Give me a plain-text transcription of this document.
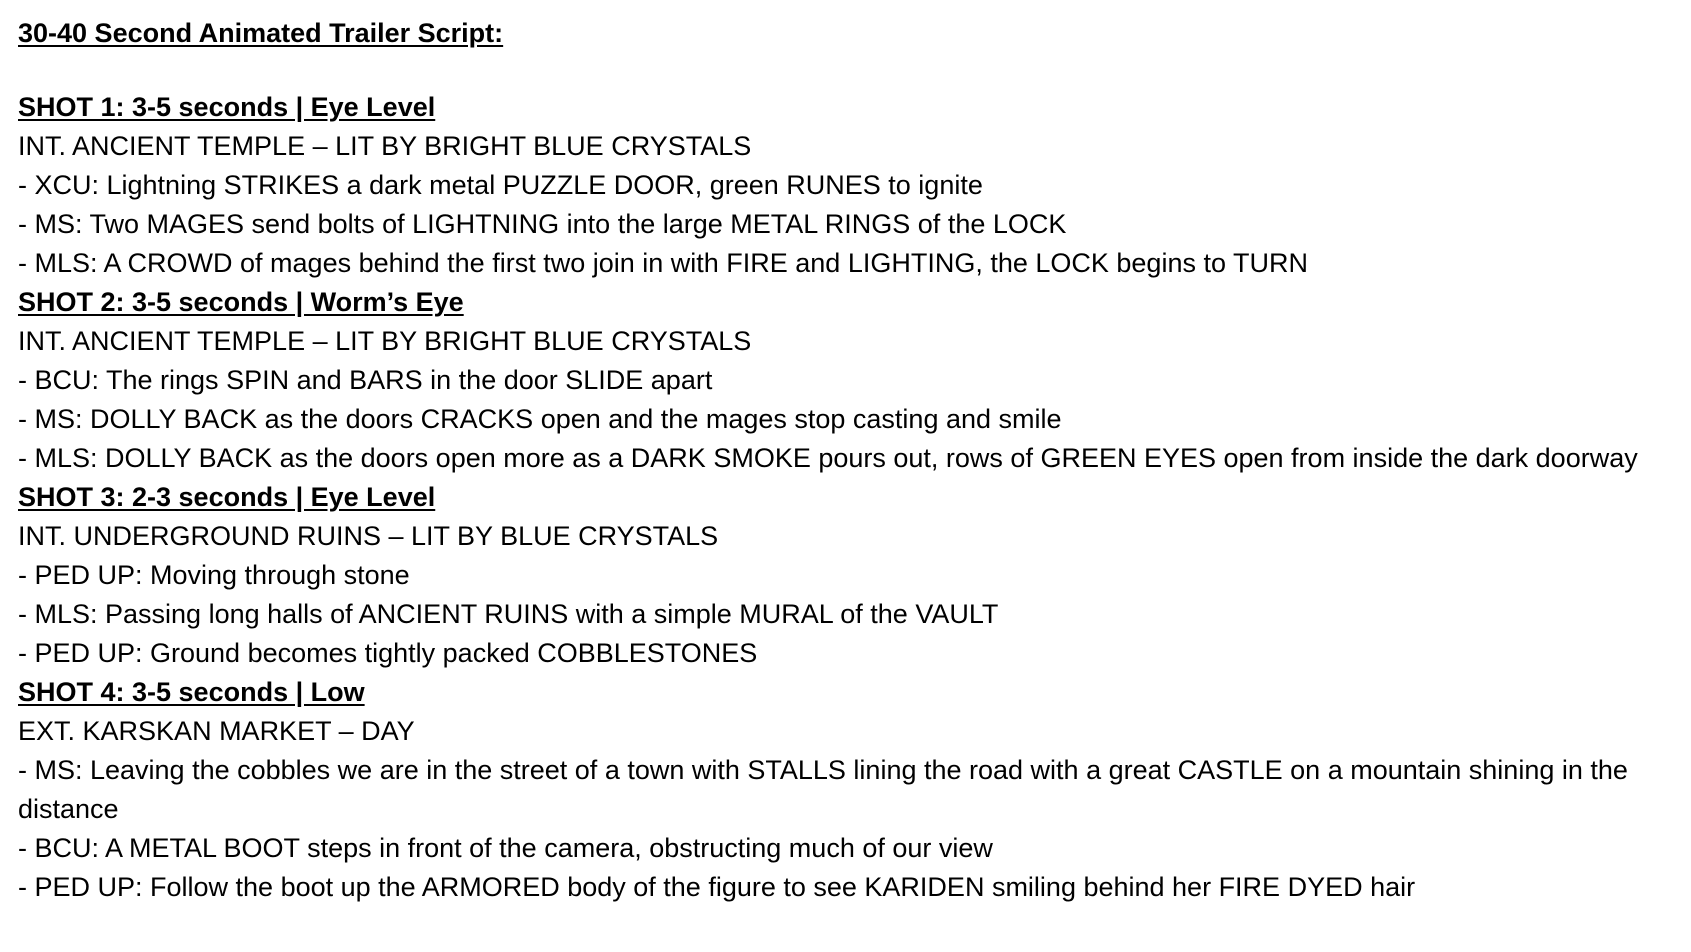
30-40 Second Animated Trailer Script:

SHOT 1: 3-5 seconds | Eye Level

INT. ANCIENT TEMPLE – LIT BY BRIGHT BLUE CRYSTALS

- XCU: Lightning STRIKES a dark metal PUZZLE DOOR, green RUNES to ignite

- MS: Two MAGES send bolts of LIGHTNING into the large METAL RINGS of the LOCK

- MLS: A CROWD of mages behind the first two join in with FIRE and LIGHTING, the LOCK begins to TURN

SHOT 2: 3-5 seconds | Worm’s Eye

INT. ANCIENT TEMPLE – LIT BY BRIGHT BLUE CRYSTALS

- BCU: The rings SPIN and BARS in the door SLIDE apart

- MS: DOLLY BACK as the doors CRACKS open and the mages stop casting and smile

- MLS: DOLLY BACK as the doors open more as a DARK SMOKE pours out, rows of GREEN EYES open from inside the dark doorway

SHOT 3: 2-3 seconds | Eye Level

INT. UNDERGROUND RUINS – LIT BY BLUE CRYSTALS

- PED UP: Moving through stone

- MLS: Passing long halls of ANCIENT RUINS with a simple MURAL of the VAULT

- PED UP: Ground becomes tightly packed COBBLESTONES

SHOT 4: 3-5 seconds | Low

EXT. KARSKAN MARKET – DAY

- MS: Leaving the cobbles we are in the street of a town with STALLS lining the road with a great CASTLE on a mountain shining in the distance

- BCU: A METAL BOOT steps in front of the camera, obstructing much of our view

- PED UP: Follow the boot up the ARMORED body of the figure to see KARIDEN smiling behind her FIRE DYED hair
